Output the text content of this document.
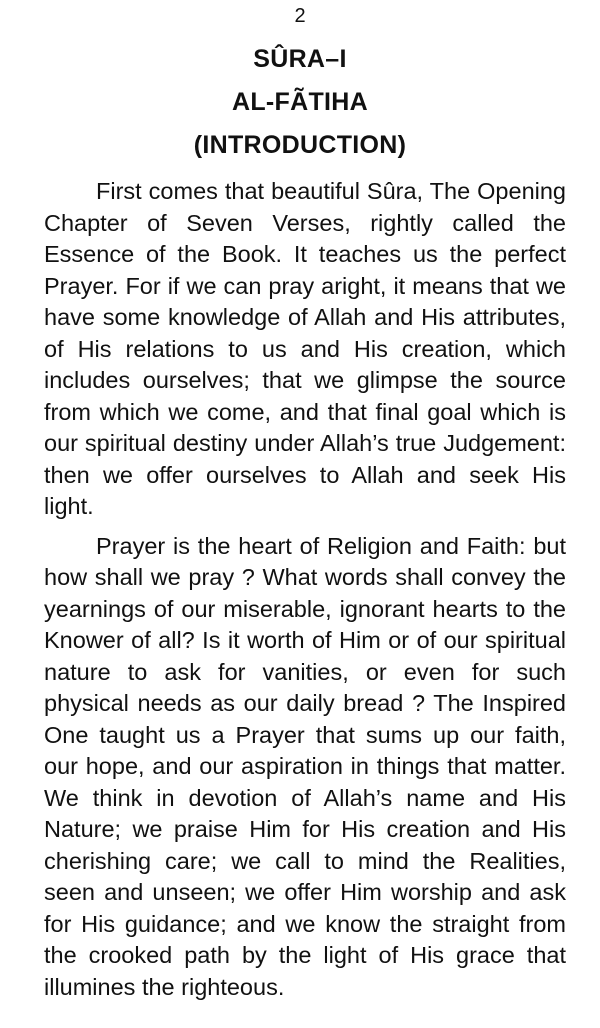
2
SÛRA–I
AL-FÃTIHA
(INTRODUCTION)

First comes that beautiful Sûra, The Opening Chapter of Seven Verses, rightly called the Essence of the Book. It teaches us the perfect Prayer. For if we can pray aright, it means that we have some knowledge of Allah and His attributes, of His relations to us and His creation, which includes ourselves; that we glimpse the source from which we come, and that final goal which is our spiritual destiny under Allah’s true Judgement: then we offer ourselves to Allah and seek His light.

Prayer is the heart of Religion and Faith: but how shall we pray ? What words shall convey the yearnings of our miserable, ignorant hearts to the Knower of all? Is it worth of Him or of our spiritual nature to ask for vanities, or even for such physical needs as our daily bread ? The Inspired One taught us a Prayer that sums up our faith, our hope, and our aspiration in things that matter. We think in devotion of Allah’s name and His Nature; we praise Him for His creation and His cherishing care; we call to mind the Realities, seen and unseen; we offer Him worship and ask for His guidance; and we know the straight from the crooked path by the light of His grace that illumines the righteous.
